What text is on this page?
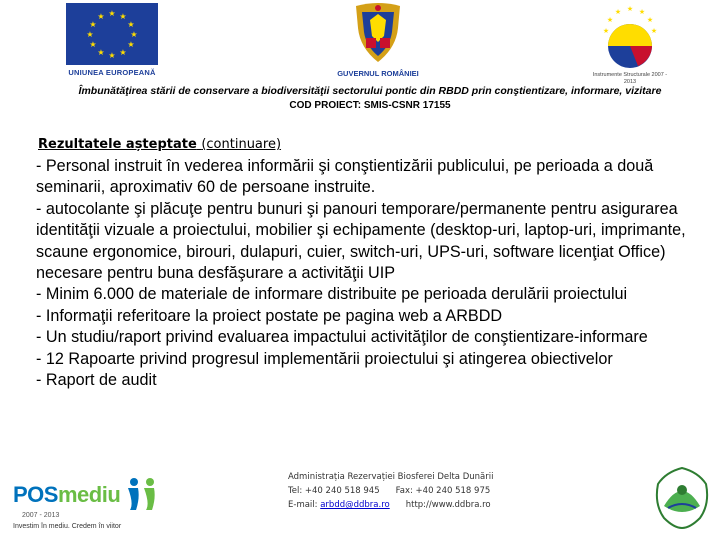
★ ★
★
★
★
★
★
★
★
★
★
★
UNIUNEA EUROPEANĂ	GUVERNUL ROMÂNIEI
★ ★
★
★
★
★
★
Instrumente Structurale 2007 - 2013
Îmbunătăţirea stării de conservare a biodiversităţii sectorului pontic din RBDD prin conştientizare, informare, vizitare
COD PROIECT: SMIS-CSNR 17155
Rezultatele așteptate (continuare)
- Personal instruit în vederea informării şi conştientizării publicului, pe perioada a două seminarii, aproximativ 60 de persoane instruite.
- autocolante şi plăcuţe pentru bunuri şi panouri temporare/permanente pentru asigurarea identităţii vizuale a proiectului, mobilier şi echipamente (desktop-uri, laptop-uri, imprimante, scaune ergonomice, birouri, dulapuri, cuier, switch-uri, UPS-uri, software licenţiat Office) necesare pentru buna desfăşurare a activităţii UIP
- Minim 6.000 de materiale de informare distribuite pe perioada derulării proiectului
- Informaţii referitoare la proiect postate pe pagina web a ARBDD
- Un studiu/raport privind evaluarea impactului activităţilor de conştientizare-informare
- 12 Rapoarte privind progresul implementării proiectului şi atingerea obiectivelor
- Raport de audit
POSmediu
2007 - 2013
Investim în mediu. Credem în viitor
Administrația Rezervației Biosferei Delta Dunării
Tel: +40 240 518 945 Fax: +40 240 518 975
E-mail: arbdd@ddbra.ro http://www.ddbra.ro
